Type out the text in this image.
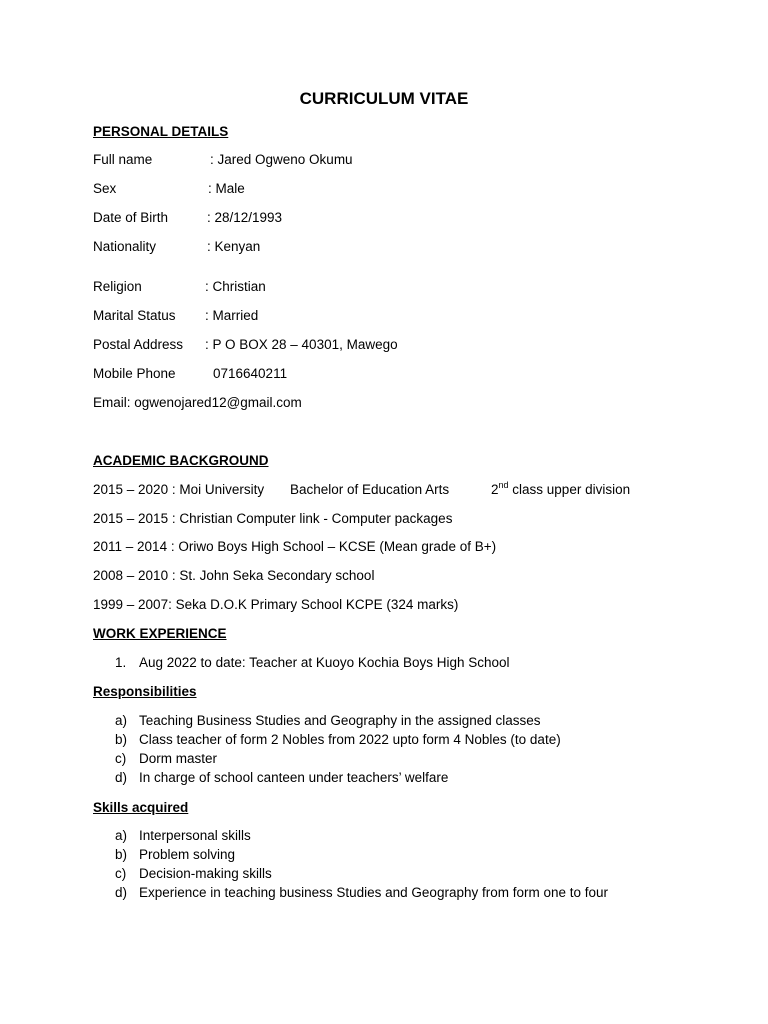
CURRICULUM VITAE
PERSONAL DETAILS
Full name	: Jared Ogweno Okumu
Sex	: Male
Date of Birth	: 28/12/1993
Nationality	: Kenyan
Religion	: Christian
Marital Status : Married
Postal Address : P O BOX 28 – 40301, Mawego
Mobile Phone	0716640211
Email: ogwenojared12@gmail.com
ACADEMIC BACKGROUND
2015 – 2020 : Moi University Bachelor of Education Arts	2nd class upper division
2015 – 2015 : Christian Computer link - Computer packages
2011 – 2014 : Oriwo Boys High School – KCSE (Mean grade of B+)
2008 – 2010 : St. John Seka Secondary school
1999 – 2007: Seka D.O.K Primary School KCPE (324 marks)
WORK EXPERIENCE
1. Aug 2022 to date: Teacher at Kuoyo Kochia Boys High School
Responsibilities
a) Teaching Business Studies and Geography in the assigned classes
b) Class teacher of form 2 Nobles from 2022 upto form 4 Nobles (to date)
c) Dorm master
d) In charge of school canteen under teachers’ welfare
Skills acquired
a) Interpersonal skills
b) Problem solving
c) Decision-making skills
d) Experience in teaching business Studies and Geography from form one to four
